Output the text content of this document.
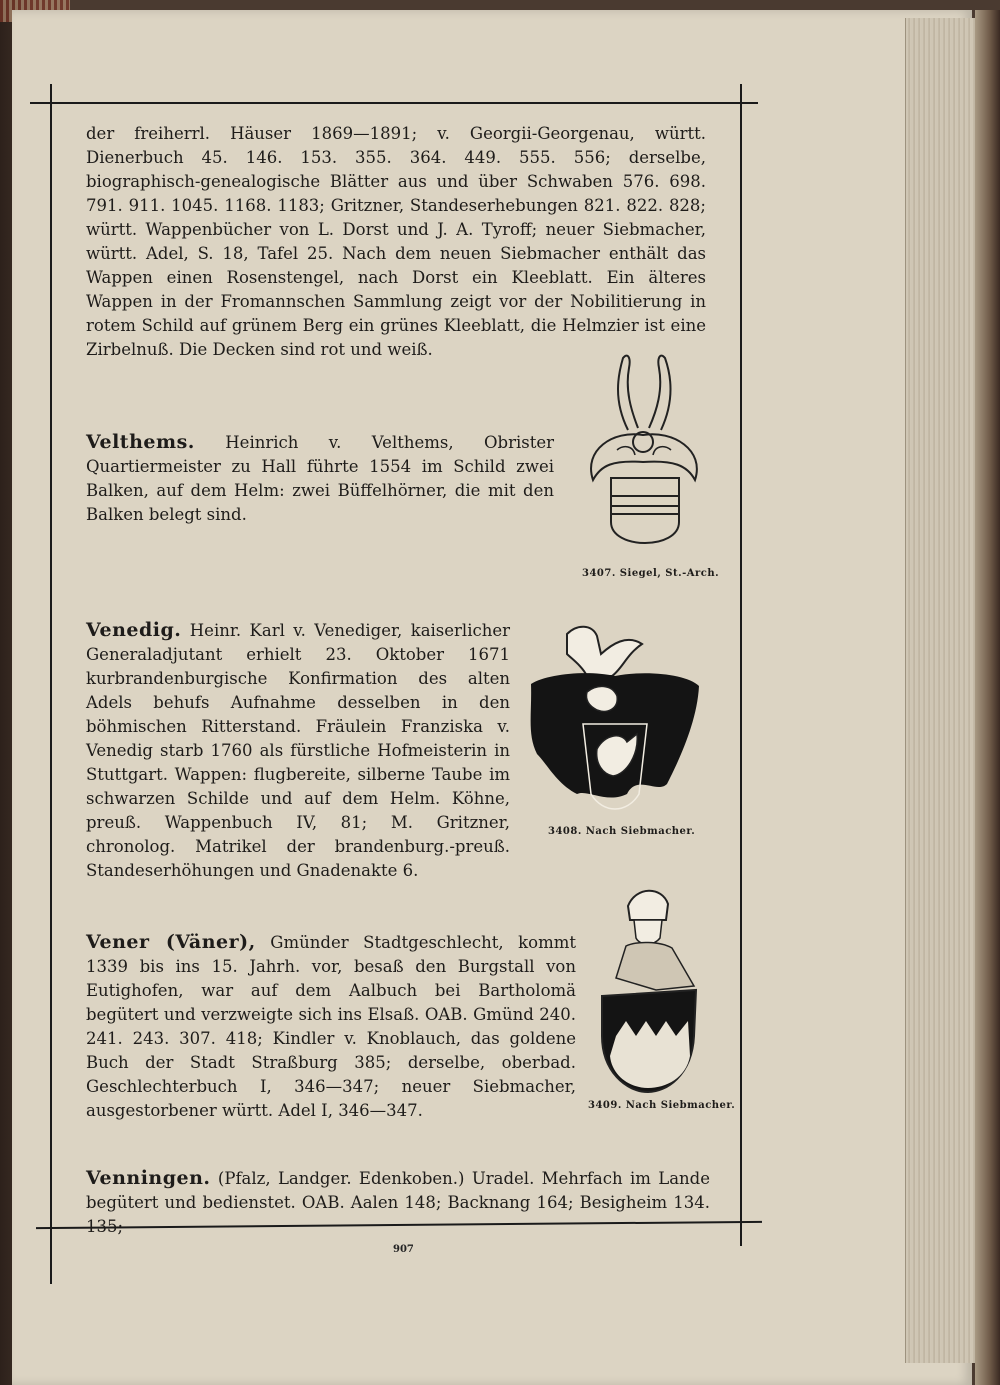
der freiherrl. Häuser 1869—1891; v. Georgii-Georgenau, württ. Dienerbuch 45. 146. 153. 355. 364. 449. 555. 556; derselbe, biographisch-genealogische Blätter aus und über Schwaben 576. 698. 791. 911. 1045. 1168. 1183; Gritzner, Standeserhebungen 821. 822. 828; württ. Wappenbücher von L. Dorst und J. A. Tyroff; neuer Siebmacher, württ. Adel, S. 18, Tafel 25. Nach dem neuen Siebmacher enthält das Wappen einen Rosenstengel, nach Dorst ein Kleeblatt. Ein älteres Wappen in der Fromannschen Sammlung zeigt vor der Nobilitierung in rotem Schild auf grünem Berg ein grünes Kleeblatt, die Helmzier ist eine Zirbelnuß. Die Decken sind rot und weiß.
Velthems. Heinrich v. Velthems, Obrister Quartiermeister zu Hall führte 1554 im Schild zwei Balken, auf dem Helm: zwei Büffelhörner, die mit den Balken belegt sind.
3407. Siegel, St.-Arch.
Venedig. Heinr. Karl v. Venediger, kaiserlicher Generaladjutant erhielt 23. Oktober 1671 kurbrandenburgische Konfirmation des alten Adels behufs Aufnahme desselben in den böhmischen Ritterstand. Fräulein Franziska v. Venedig starb 1760 als fürstliche Hofmeisterin in Stuttgart. Wappen: flugbereite, silberne Taube im schwarzen Schilde und auf dem Helm. Köhne, preuß. Wappenbuch IV, 81; M. Gritzner, chronolog. Matrikel der brandenburg.-preuß. Standeserhöhungen und Gnadenakte 6.
3408. Nach Siebmacher.
Vener (Väner), Gmünder Stadtgeschlecht, kommt 1339 bis ins 15. Jahrh. vor, besaß den Burgstall von Eutighofen, war auf dem Aalbuch bei Bartholomä begütert und verzweigte sich ins Elsaß. OAB. Gmünd 240. 241. 243. 307. 418; Kindler v. Knoblauch, das goldene Buch der Stadt Straßburg 385; derselbe, oberbad. Geschlechterbuch I, 346—347; neuer Siebmacher, ausgestorbener württ. Adel I, 346—347.	3409. Nach Siebmacher.
Venningen. (Pfalz, Landger. Edenkoben.) Uradel. Mehrfach im Lande begütert und bedienstet. OAB. Aalen 148; Backnang 164; Besigheim 134. 135;
907
